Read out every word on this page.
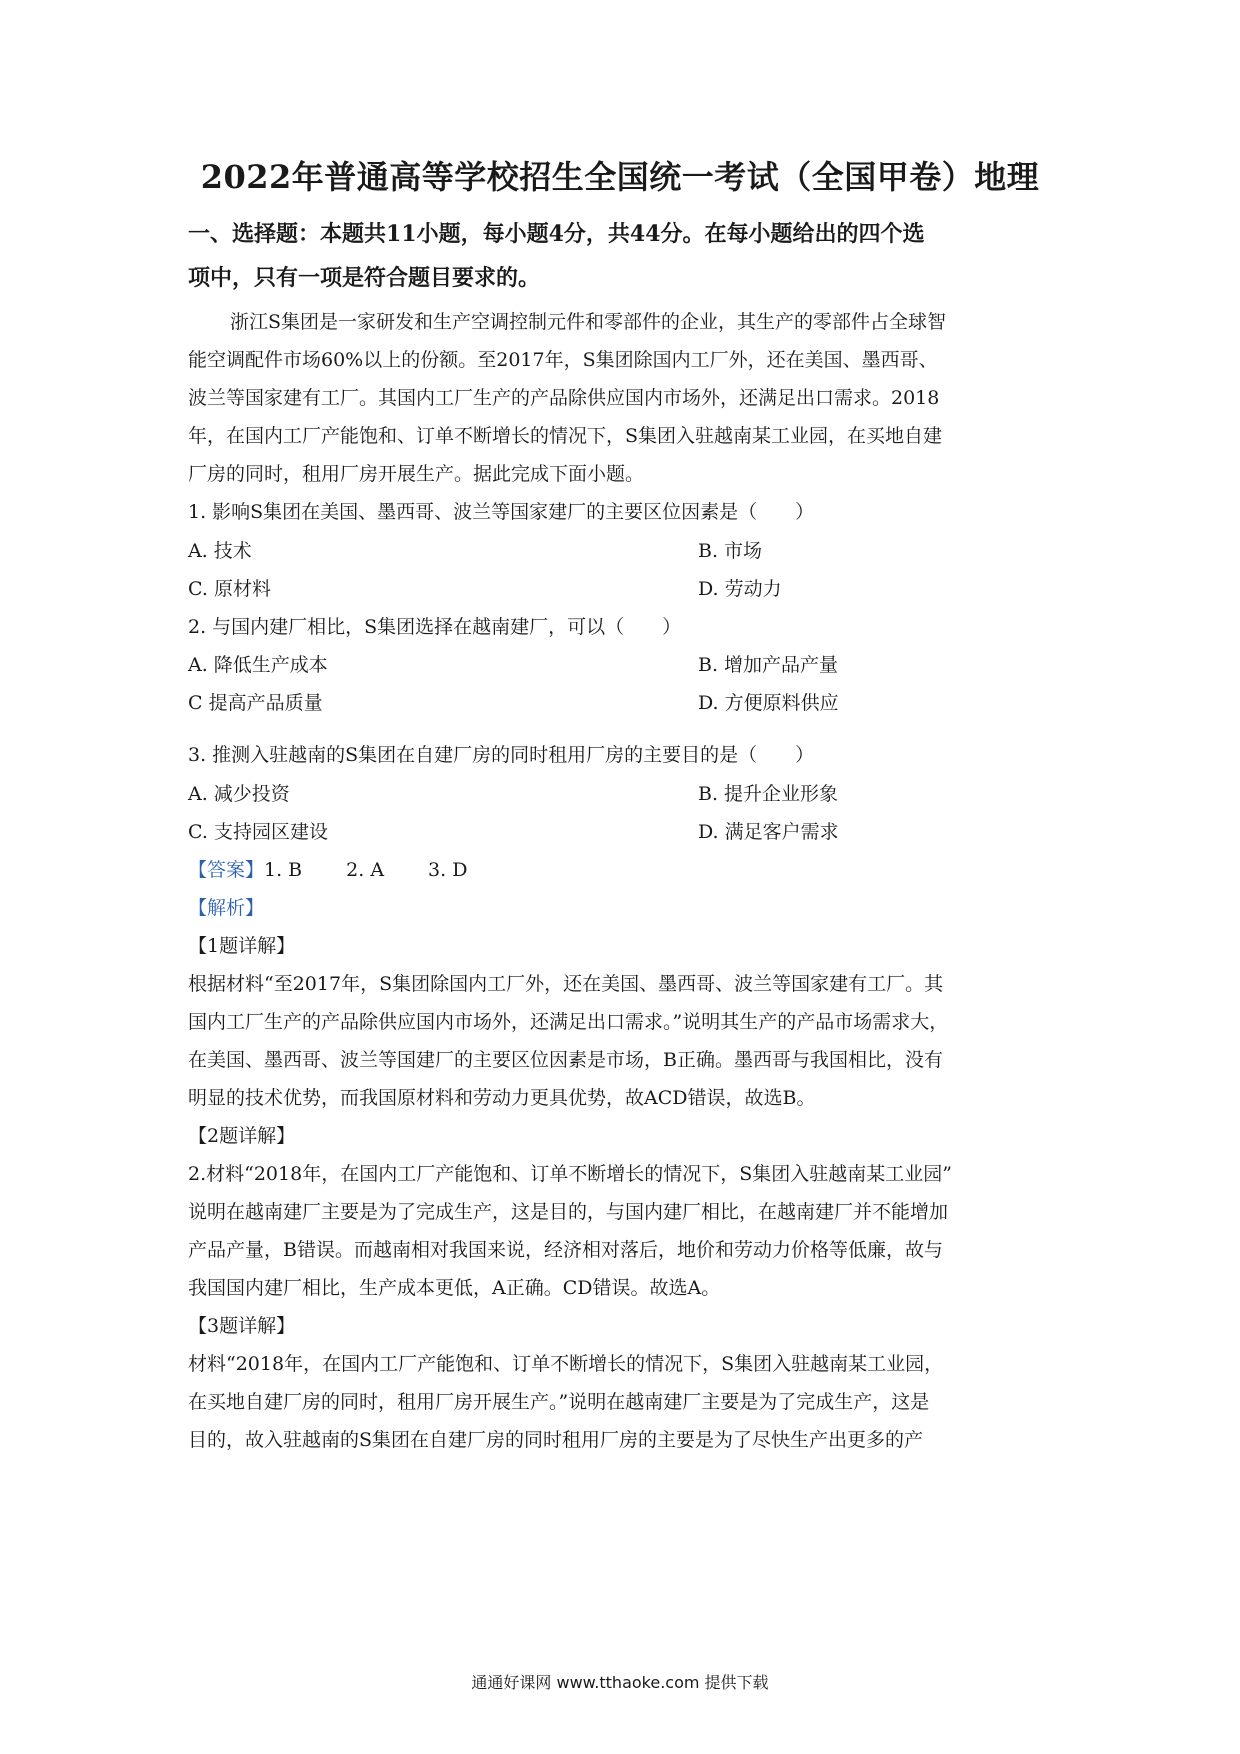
2022年普通高等学校招生全国统一考试（全国甲卷）地理
一、选择题：本题共11小题，每小题4分，共44分。在每小题给出的四个选
项中，只有一项是符合题目要求的。
浙江S集团是一家研发和生产空调控制元件和零部件的企业，其生产的零部件占全球智
能空调配件市场60%以上的份额。至2017年，S集团除国内工厂外，还在美国、墨西哥、
波兰等国家建有工厂。其国内工厂生产的产品除供应国内市场外，还满足出口需求。2018
年，在国内工厂产能饱和、订单不断增长的情况下，S集团入驻越南某工业园，在买地自建
厂房的同时，租用厂房开展生产。据此完成下面小题。
1. 影响S集团在美国、墨西哥、波兰等国家建厂的主要区位因素是（　　）
A. 技术	B. 市场
C. 原材料	D. 劳动力
2. 与国内建厂相比，S集团选择在越南建厂，可以（　　）
A. 降低生产成本	B. 增加产品产量
C 提高产品质量	D. 方便原料供应
3. 推测入驻越南的S集团在自建厂房的同时租用厂房的主要目的是（　　）
A. 减少投资	B. 提升企业形象
C. 支持园区建设	D. 满足客户需求
【答案】1. B 2. A 3. D
【解析】
【1题详解】
根据材料“至2017年，S集团除国内工厂外，还在美国、墨西哥、波兰等国家建有工厂。其
国内工厂生产的产品除供应国内市场外，还满足出口需求。”说明其生产的产品市场需求大，
在美国、墨西哥、波兰等国建厂的主要区位因素是市场，B正确。墨西哥与我国相比，没有
明显的技术优势，而我国原材料和劳动力更具优势，故ACD错误，故选B。
【2题详解】
2.材料“2018年，在国内工厂产能饱和、订单不断增长的情况下，S集团入驻越南某工业园”
说明在越南建厂主要是为了完成生产，这是目的，与国内建厂相比，在越南建厂并不能增加
产品产量，B错误。而越南相对我国来说，经济相对落后，地价和劳动力价格等低廉，故与
我国国内建厂相比，生产成本更低，A正确。CD错误。故选A。
【3题详解】
材料“2018年，在国内工厂产能饱和、订单不断增长的情况下，S集团入驻越南某工业园，
在买地自建厂房的同时，租用厂房开展生产。”说明在越南建厂主要是为了完成生产，这是
目的，故入驻越南的S集团在自建厂房的同时租用厂房的主要是为了尽快生产出更多的产
通通好课网 www.tthaoke.com 提供下载
